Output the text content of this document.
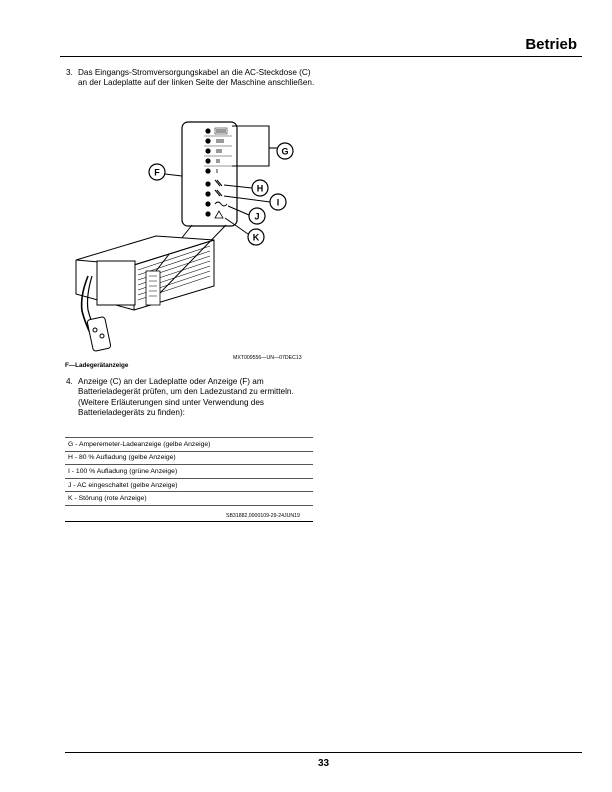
Betrieb
3. Das Eingangs-Stromversorgungskabel an die AC-Steckdose (C) an der Ladeplatte auf der linken Seite der Maschine anschließen.
G
F
H
I
J
K
MXT009556—UN—07DEC13
F—Ladegerätanzeige
4. Anzeige (C) an der Ladeplatte oder Anzeige (F) am Batterieladegerät prüfen, um den Ladezustand zu ermitteln. (Weitere Erläuterungen sind unter Verwendung des Batterieladegeräts zu finden):
G - Amperemeter-Ladeanzeige (gelbe Anzeige)
H - 80 % Aufladung (gelbe Anzeige)
I - 100 % Aufladung (grüne Anzeige)
J - AC eingeschaltet (gelbe Anzeige)
K - Störung (rote Anzeige)
SB31882,0000109-29-24JUN19
33
